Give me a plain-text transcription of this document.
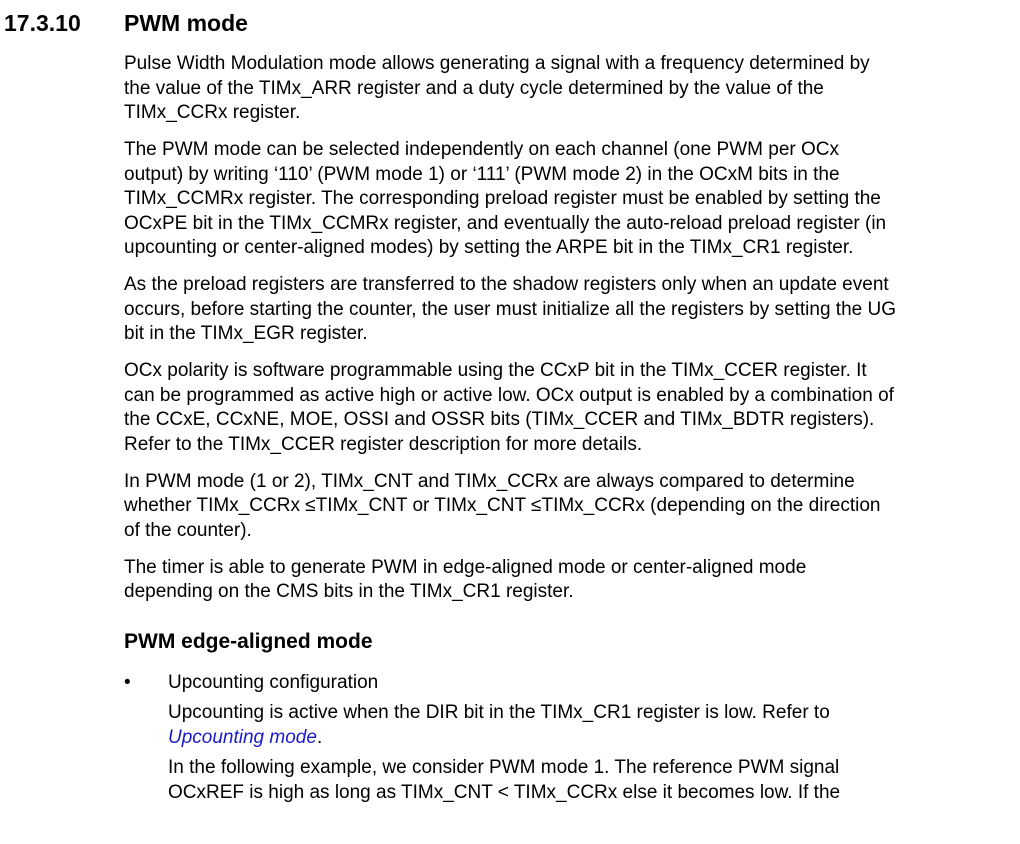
17.3.10 PWM mode

Pulse Width Modulation mode allows generating a signal with a frequency determined by
the value of the TIMx_ARR register and a duty cycle determined by the value of the
TIMx_CCRx register.

The PWM mode can be selected independently on each channel (one PWM per OCx
output) by writing ‘110’ (PWM mode 1) or ‘111’ (PWM mode 2) in the OCxM bits in the
TIMx_CCMRx register. The corresponding preload register must be enabled by setting the
OCxPE bit in the TIMx_CCMRx register, and eventually the auto-reload preload register (in
upcounting or center-aligned modes) by setting the ARPE bit in the TIMx_CR1 register.

As the preload registers are transferred to the shadow registers only when an update event
occurs, before starting the counter, the user must initialize all the registers by setting the UG
bit in the TIMx_EGR register.

OCx polarity is software programmable using the CCxP bit in the TIMx_CCER register. It
can be programmed as active high or active low. OCx output is enabled by a combination of
the CCxE, CCxNE, MOE, OSSI and OSSR bits (TIMx_CCER and TIMx_BDTR registers).
Refer to the TIMx_CCER register description for more details.

In PWM mode (1 or 2), TIMx_CNT and TIMx_CCRx are always compared to determine
whether TIMx_CCRx ≤TIMx_CNT or TIMx_CNT ≤TIMx_CCRx (depending on the direction
of the counter).

The timer is able to generate PWM in edge-aligned mode or center-aligned mode
depending on the CMS bits in the TIMx_CR1 register.

PWM edge-aligned mode
• Upcounting configuration

Upcounting is active when the DIR bit in the TIMx_CR1 register is low. Refer to
Upcounting mode.

In the following example, we consider PWM mode 1. The reference PWM signal
OCxREF is high as long as TIMx_CNT < TIMx_CCRx else it becomes low. If the
